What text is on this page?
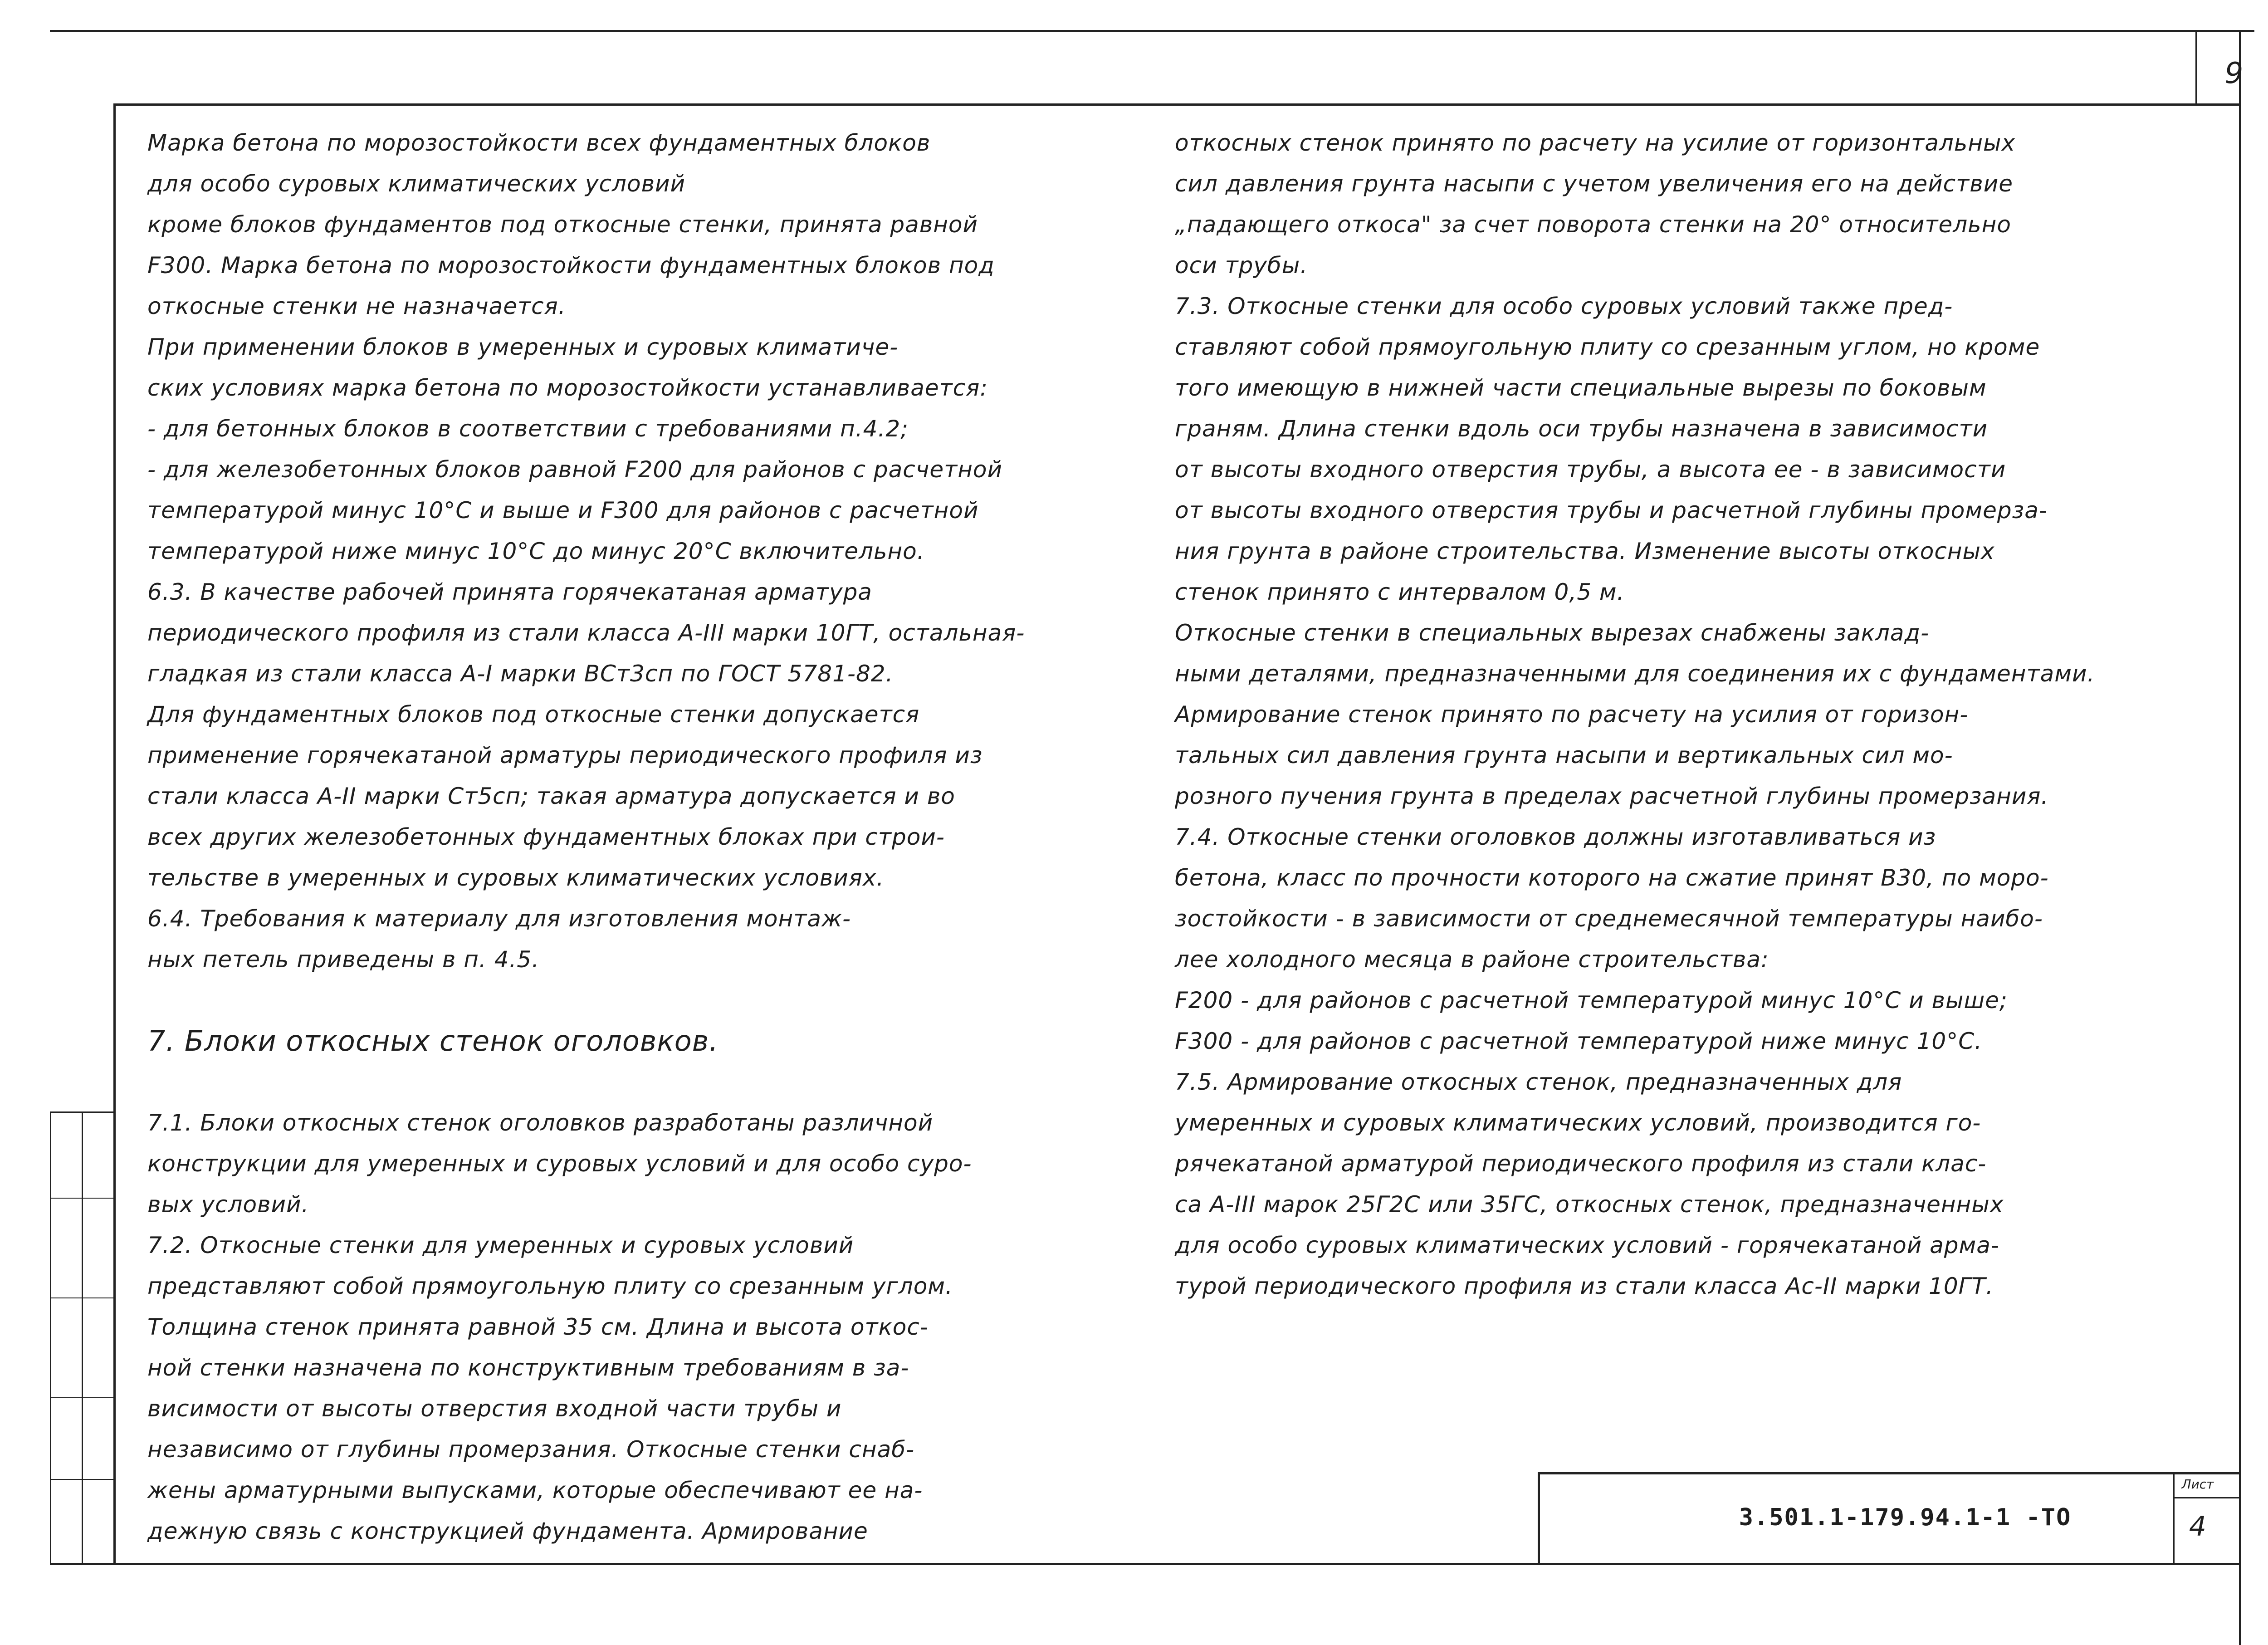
9

Марка бетона по морозостойкости всех фундаментных блоков

для особо суровых климатических условий

кроме блоков фундаментов под откосные стенки, принята равной

F300. Марка бетона по морозостойкости фундаментных блоков под

откосные стенки не назначается.

При применении блоков в умеренных и суровых климатиче-

ских условиях марка бетона по морозостойкости устанавливается:

- для бетонных блоков в соответствии с требованиями п.4.2;

- для железобетонных блоков равной F200 для районов с расчетной

температурой минус 10°С и выше и F300 для районов с расчетной

температурой ниже минус 10°С до минус 20°С включительно.

6.3. В качестве рабочей принята горячекатаная арматура

периодического профиля из стали класса A-III марки 10ГТ, остальная-

гладкая из стали класса A-I марки ВСт3сп по ГОСТ 5781-82.

Для фундаментных блоков под откосные стенки допускается

применение горячекатаной арматуры периодического профиля из

стали класса A-II марки Ст5сп; такая арматура допускается и во

всех других железобетонных фундаментных блоках при строи-

тельстве в умеренных и суровых климатических условиях.

6.4. Требования к материалу для изготовления монтаж-

ных петель приведены в п. 4.5.

7. Блоки откосных стенок оголовков.

7.1. Блоки откосных стенок оголовков разработаны различной

конструкции для умеренных и суровых условий и для особо суро-

вых условий.

7.2. Откосные стенки для умеренных и суровых условий

представляют собой прямоугольную плиту со срезанным углом.

Толщина стенок принята равной 35 см. Длина и высота откос-

ной стенки назначена по конструктивным требованиям в за-

висимости от высоты отверстия входной части трубы и

независимо от глубины промерзания. Откосные стенки снаб-

жены арматурными выпусками, которые обеспечивают ее на-

дежную связь с конструкцией фундамента. Армирование

откосных стенок принято по расчету на усилие от горизонтальных

сил давления грунта насыпи с учетом увеличения его на действие

„падающего откоса" за счет поворота стенки на 20° относительно

оси трубы.

7.3. Откосные стенки для особо суровых условий также пред-

ставляют собой прямоугольную плиту со срезанным углом, но кроме

того имеющую в нижней части специальные вырезы по боковым

граням. Длина стенки вдоль оси трубы назначена в зависимости

от высоты входного отверстия трубы, а высота ее - в зависимости

от высоты входного отверстия трубы и расчетной глубины промерза-

ния грунта в районе строительства. Изменение высоты откосных

стенок принято с интервалом 0,5 м.

Откосные стенки в специальных вырезах снабжены заклад-

ными деталями, предназначенными для соединения их с фундаментами.

Армирование стенок принято по расчету на усилия от горизон-

тальных сил давления грунта насыпи и вертикальных сил мо-

розного пучения грунта в пределах расчетной глубины промерзания.

7.4. Откосные стенки оголовков должны изготавливаться из

бетона, класс по прочности которого на сжатие принят В30, по моро-

зостойкости - в зависимости от среднемесячной температуры наибо-

лее холодного месяца в районе строительства:

F200 - для районов с расчетной температурой минус 10°С и выше;

F300 - для районов с расчетной температурой ниже минус 10°С.

7.5. Армирование откосных стенок, предназначенных для

умеренных и суровых климатических условий, производится го-

рячекатаной арматурой периодического профиля из стали клас-

са A-III марок 25Г2С или 35ГС, откосных стенок, предназначенных

для особо суровых климатических условий - горячекатаной арма-

турой периодического профиля из стали класса Ac-II марки 10ГТ.

3.501.1-179.94.1-1 -ТО
Лист
4
